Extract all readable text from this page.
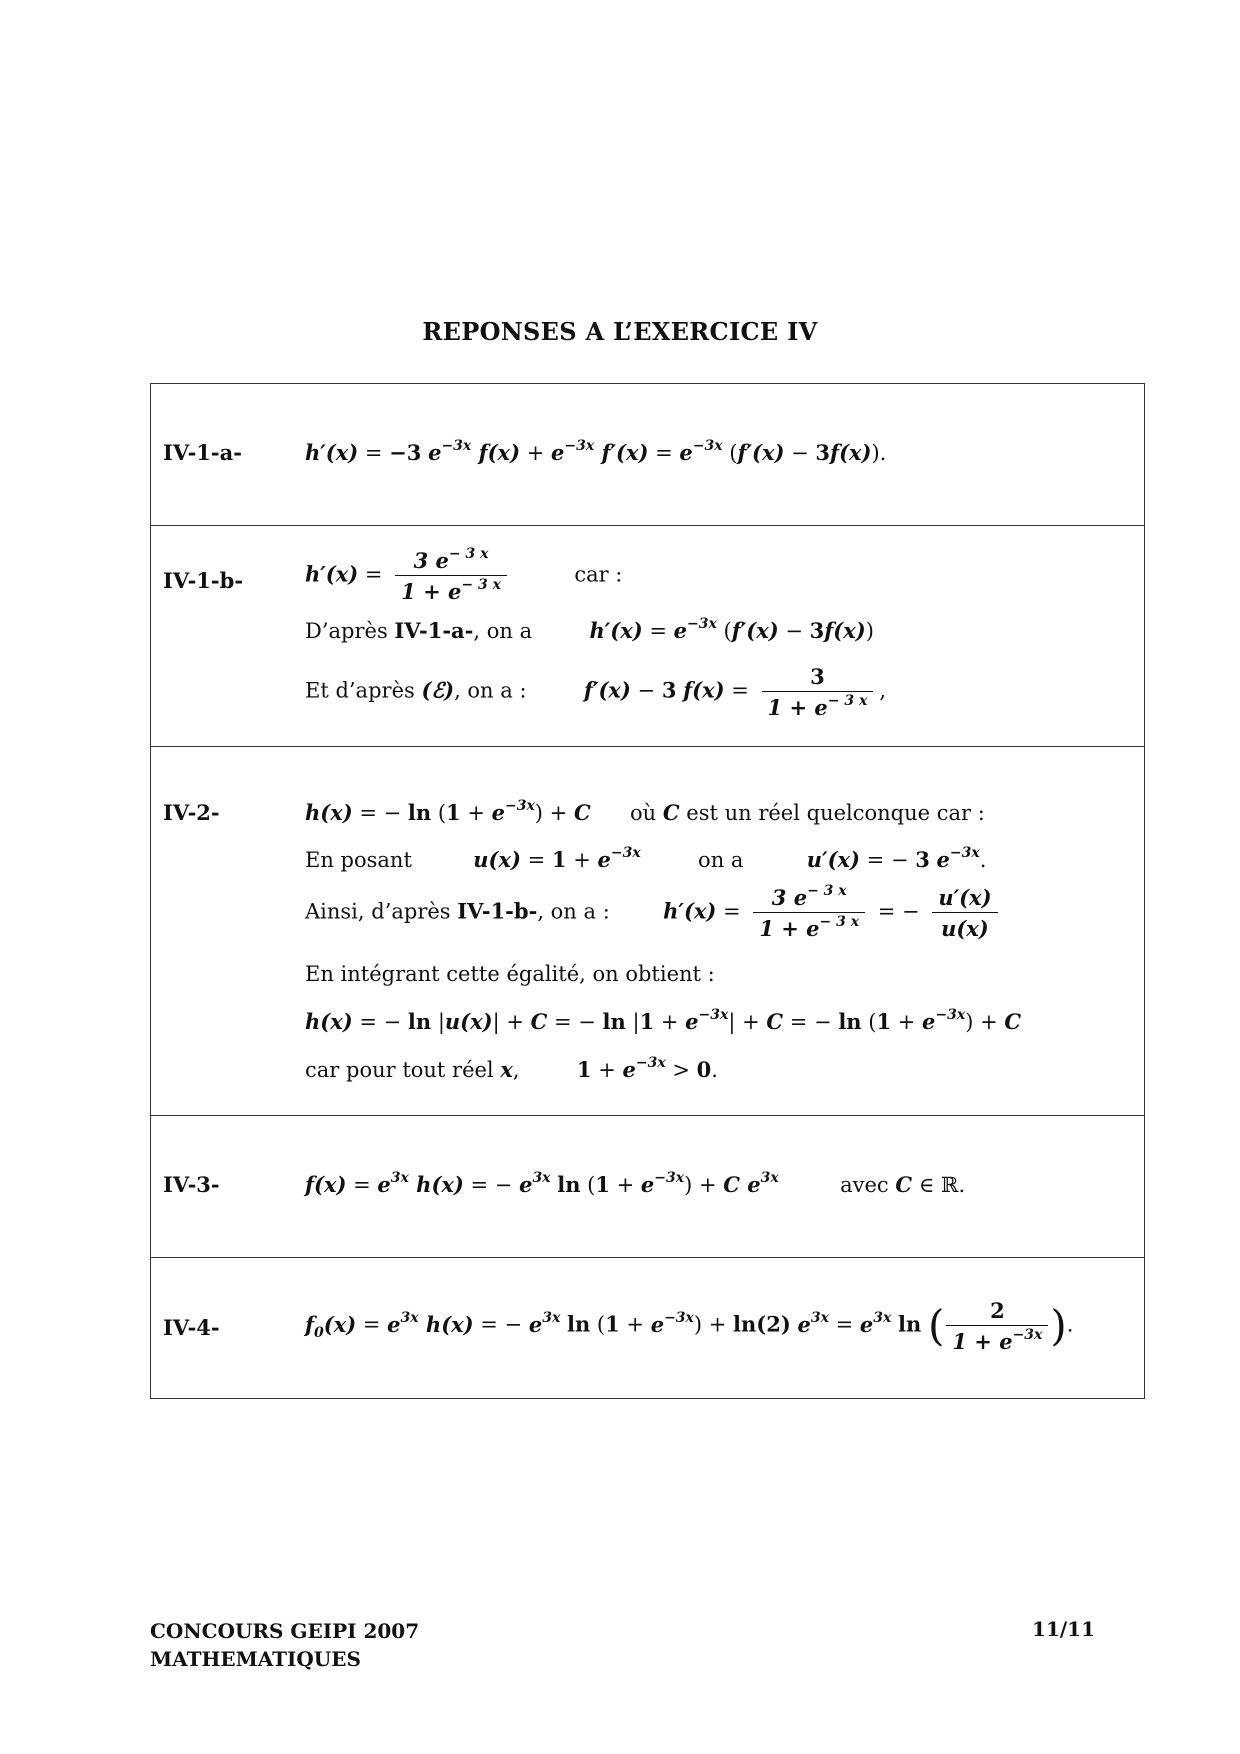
REPONSES A L’EXERCICE IV
IV-1-a-	h′(x) = −3 $e^{-3x}$ $f(x) + e^{-3x}$ $f'(x) = e^{-3x}$ (f′(x) − 3f(x)).
IV-1-b-	$h'(x) = \frac{3 e^{- 3 x}}{1 + e^{- 3 x}}$	car :
D’après IV-1-a-, on a	$h'(x) = e^{-3x}$ (f′(x) − 3f(x))
Et d’après (ℰ), on a :	f′(x) − 3 $f(x) = \frac{3}{1 + e^{- 3 x}}$ ,
IV-2-	h(x) = − $\ln (1 + e^{-3x}) + C$ où C est un réel quelconque car :
En posant	$u(x) = 1 + e^{-3x}$	on a	u′(x) = − 3 $e^{-3x}$.
Ainsi, d’après IV-1-b-, on a :	$h'(x) = \frac{3 e^{- 3 x}}{1 + e^{- 3 x}}$ = − $\frac{u'(x)}{u(x)}$
En intégrant cette égalité, on obtient :
h(x) = − ln |u(x)| + C = − $\ln |1 + e^{-3x}| + C$ = − $\ln (1 + e^{-3x}) + C$
car pour tout réel x,  $1 + e^{-3x} > 0$.
IV-3-	$f(x) = e^{3x}$ h(x) = − $e^{3x}$ $\ln (1 + e^{-3x}) + C$ $e^{3x}$	avec C ∈ ℝ.
IV-4-	$f_0(x) = e^{3x}$ h(x) = − $e^{3x}$ $\ln (1 + e^{-3x}) + \ln(2)$ $e^{3x} = e^{3x}$ ln ( $\frac{2}{1 + e^{-3x}}$ ).
CONCOURS GEIPI 2007
MATHEMATIQUES
11/11
